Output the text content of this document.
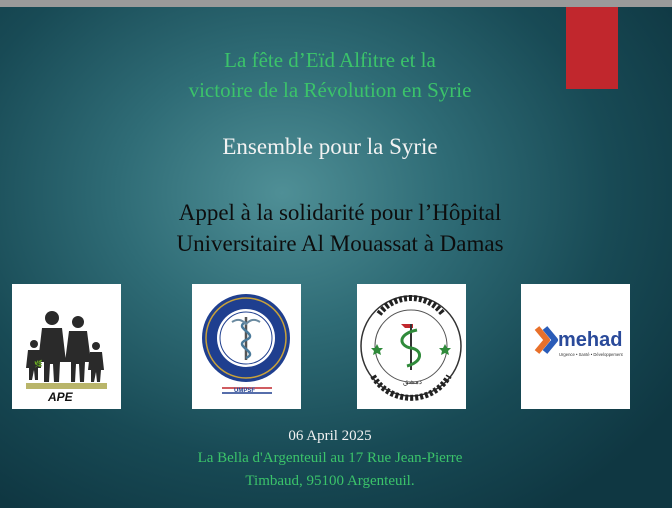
La fête d’Eïd Alfitre et la
victoire de la Révolution en Syrie
Ensemble pour la Syrie
Appel à la solidarité pour l’Hôpital
Universitaire Al Mouassat à Damas
🌿
APE	UMPSF
دمشق
mehad
Urgence • Santé • Développement
06 April 2025
La Bella d'Argenteuil au 17 Rue Jean-Pierre
Timbaud, 95100 Argenteuil.
